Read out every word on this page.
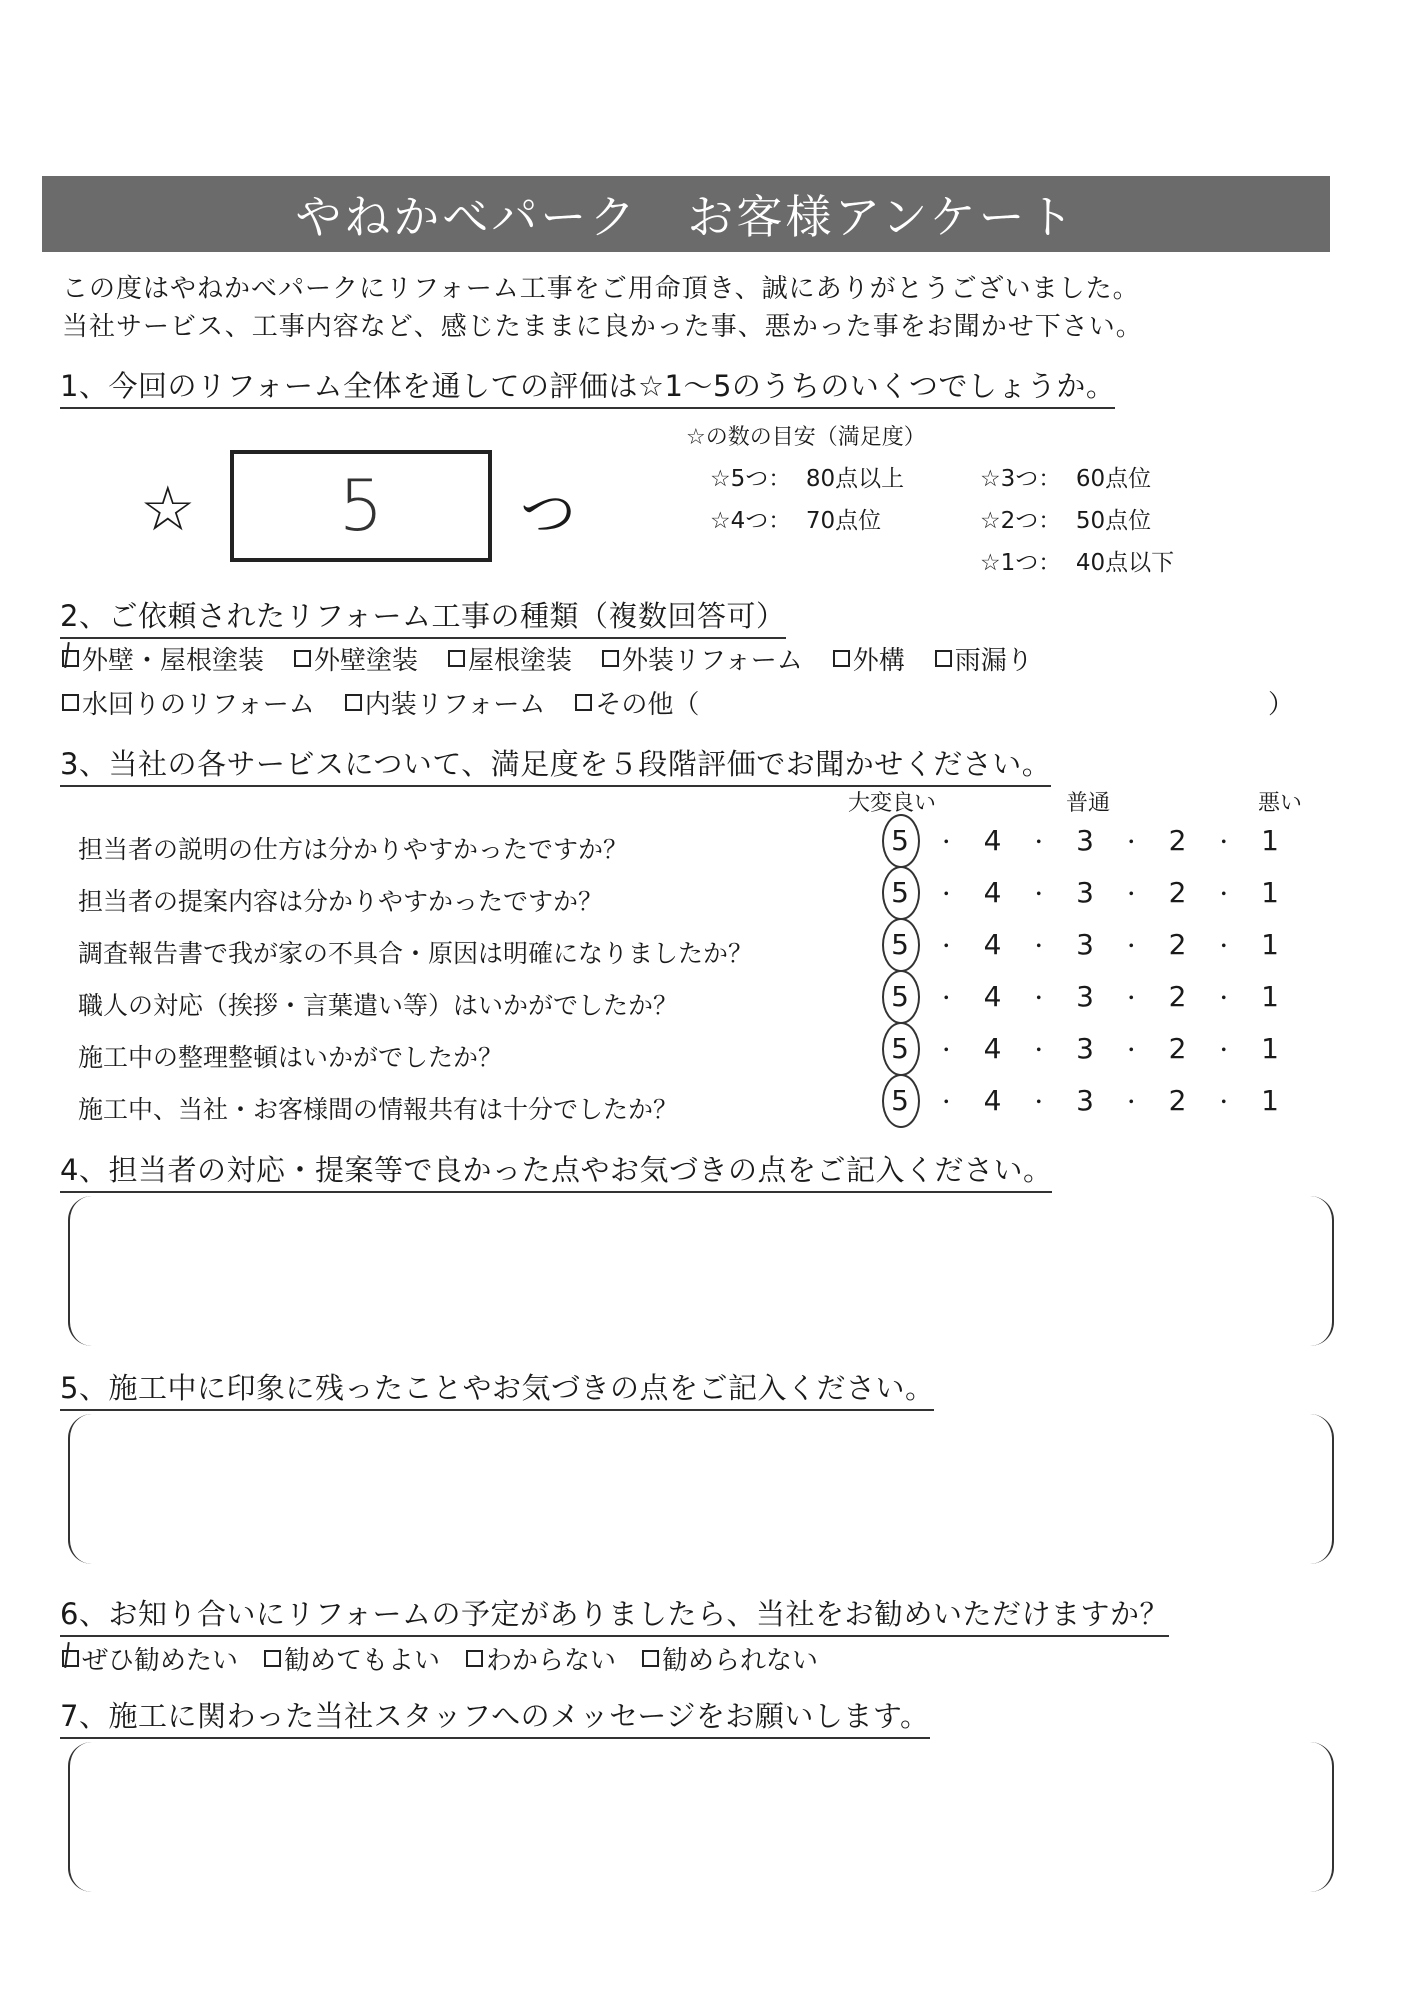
やねかべパーク　お客様アンケート
この度はやねかべパークにリフォーム工事をご用命頂き、誠にありがとうございました。
当社サービス、工事内容など、感じたままに良かった事、悪かった事をお聞かせ下さい。
1、今回のリフォーム全体を通しての評価は☆1～5のうちのいくつでしょうか。
☆ 5 つ
☆の数の目安（満足度）
☆5つ： 80点以上
☆4つ： 70点位
☆3つ： 60点位
☆2つ： 50点位
☆1つ： 40点以下
2、ご依頼されたリフォーム工事の種類（複数回答可）
外壁・屋根塗装 外壁塗装 屋根塗装 外装リフォーム 外構 雨漏り
水回りのリフォーム 内装リフォーム その他（	）
3、当社の各サービスについて、満足度を５段階評価でお聞かせください。
大変良い	普通	悪い
担当者の説明の仕方は分かりやすかったですか？	5	・ 4	・ 3	・ 2	・ 1
担当者の提案内容は分かりやすかったですか？	5	・ 4	・ 3	・ 2	・ 1
調査報告書で我が家の不具合・原因は明確になりましたか？	5	・ 4	・ 3	・ 2	・ 1
職人の対応（挨拶・言葉遣い等）はいかがでしたか？	5	・ 4	・ 3	・ 2	・ 1
施工中の整理整頓はいかがでしたか？	5	・ 4	・ 3	・ 2	・ 1
施工中、当社・お客様間の情報共有は十分でしたか？	5	・ 4	・ 3	・ 2	・ 1
4、担当者の対応・提案等で良かった点やお気づきの点をご記入ください。
5、施工中に印象に残ったことやお気づきの点をご記入ください。
6、お知り合いにリフォームの予定がありましたら、当社をお勧めいただけますか？
ぜひ勧めたい 勧めてもよい わからない 勧められない
7、施工に関わった当社スタッフへのメッセージをお願いします。
